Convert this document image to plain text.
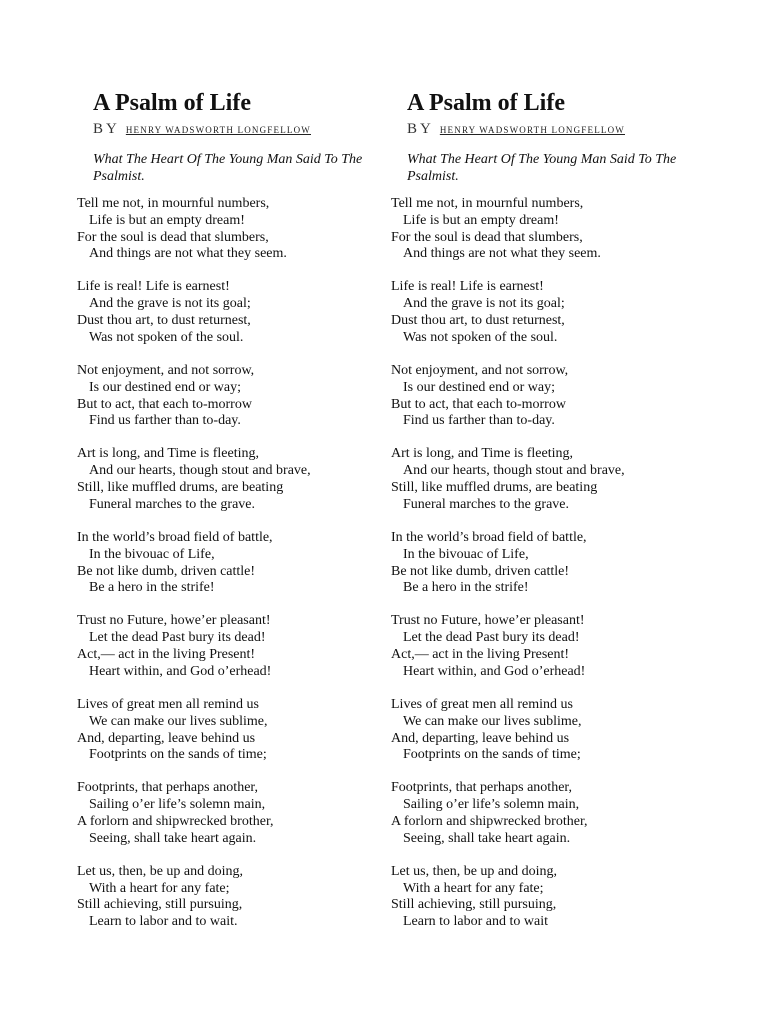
A Psalm of Life
BY HENRY WADSWORTH LONGFELLOW

What The Heart Of The Young Man Said To The Psalmist.

Tell me not, in mournful numbers,
Life is but an empty dream!
For the soul is dead that slumbers,
And things are not what they seem.

Life is real! Life is earnest!
And the grave is not its goal;
Dust thou art, to dust returnest,
Was not spoken of the soul.

Not enjoyment, and not sorrow,
Is our destined end or way;
But to act, that each to-morrow
Find us farther than to-day.

Art is long, and Time is fleeting,
And our hearts, though stout and brave,
Still, like muffled drums, are beating
Funeral marches to the grave.

In the world’s broad field of battle,
In the bivouac of Life,
Be not like dumb, driven cattle!
Be a hero in the strife!

Trust no Future, howe’er pleasant!
Let the dead Past bury its dead!
Act,— act in the living Present!
Heart within, and God o’erhead!

Lives of great men all remind us
We can make our lives sublime,
And, departing, leave behind us
Footprints on the sands of time;

Footprints, that perhaps another,
Sailing o’er life’s solemn main,
A forlorn and shipwrecked brother,
Seeing, shall take heart again.

Let us, then, be up and doing,
With a heart for any fate;
Still achieving, still pursuing,
Learn to labor and to wait.

A Psalm of Life
BY HENRY WADSWORTH LONGFELLOW

What The Heart Of The Young Man Said To The Psalmist.

Tell me not, in mournful numbers,
Life is but an empty dream!
For the soul is dead that slumbers,
And things are not what they seem.

Life is real! Life is earnest!
And the grave is not its goal;
Dust thou art, to dust returnest,
Was not spoken of the soul.

Not enjoyment, and not sorrow,
Is our destined end or way;
But to act, that each to-morrow
Find us farther than to-day.

Art is long, and Time is fleeting,
And our hearts, though stout and brave,
Still, like muffled drums, are beating
Funeral marches to the grave.

In the world’s broad field of battle,
In the bivouac of Life,
Be not like dumb, driven cattle!
Be a hero in the strife!

Trust no Future, howe’er pleasant!
Let the dead Past bury its dead!
Act,— act in the living Present!
Heart within, and God o’erhead!

Lives of great men all remind us
We can make our lives sublime,
And, departing, leave behind us
Footprints on the sands of time;

Footprints, that perhaps another,
Sailing o’er life’s solemn main,
A forlorn and shipwrecked brother,
Seeing, shall take heart again.

Let us, then, be up and doing,
With a heart for any fate;
Still achieving, still pursuing,
Learn to labor and to wait
